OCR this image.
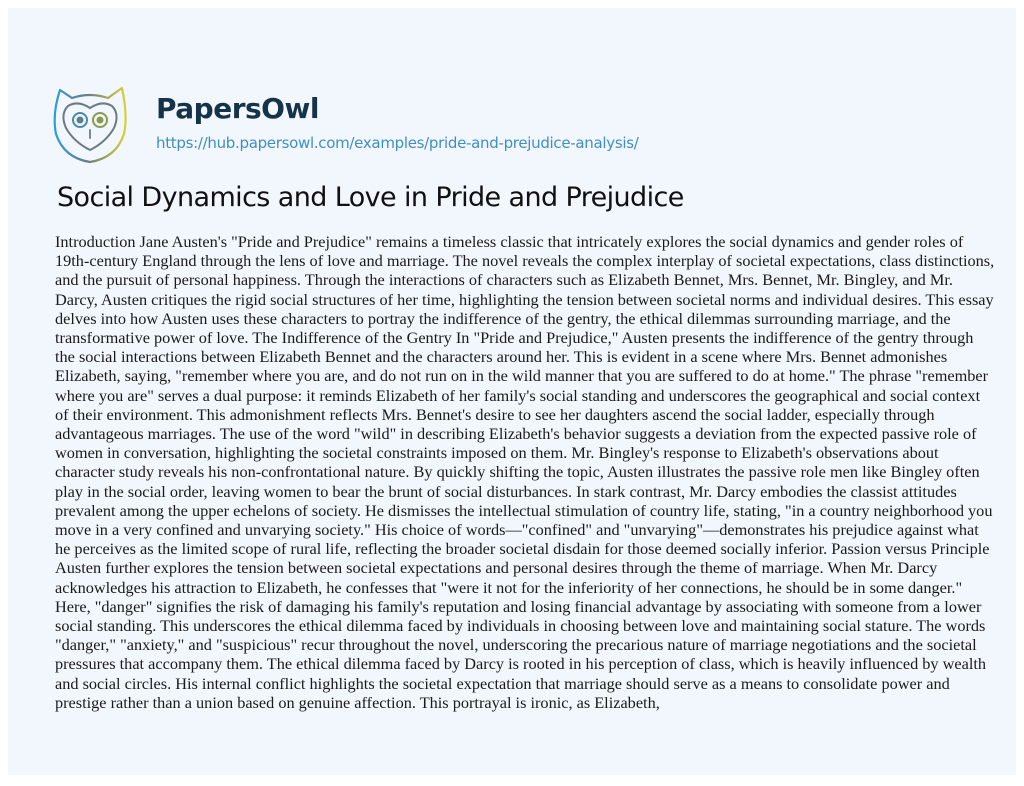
PapersOwl
https://hub.papersowl.com/examples/pride-and-prejudice-analysis/
Social Dynamics and Love in Pride and Prejudice

Introduction Jane Austen's "Pride and Prejudice" remains a timeless classic that intricately explores the social dynamics and gender roles of 19th-century England through the lens of love and marriage. The novel reveals the complex interplay of societal expectations, class distinctions, and the pursuit of personal happiness. Through the interactions of characters such as Elizabeth Bennet, Mrs. Bennet, Mr. Bingley, and Mr. Darcy, Austen critiques the rigid social structures of her time, highlighting the tension between societal norms and individual desires. This essay delves into how Austen uses these characters to portray the indifference of the gentry, the ethical dilemmas surrounding marriage, and the transformative power of love. The Indifference of the Gentry In "Pride and Prejudice," Austen presents the indifference of the gentry through the social interactions between Elizabeth Bennet and the characters around her. This is evident in a scene where Mrs. Bennet admonishes Elizabeth, saying, "remember where you are, and do not run on in the wild manner that you are suffered to do at home." The phrase "remember where you are" serves a dual purpose: it reminds Elizabeth of her family's social standing and underscores the geographical and social context of their environment. This admonishment reflects Mrs. Bennet's desire to see her daughters ascend the social ladder, especially through advantageous marriages. The use of the word "wild" in describing Elizabeth's behavior suggests a deviation from the expected passive role of women in conversation, highlighting the societal constraints imposed on them. Mr. Bingley's response to Elizabeth's observations about character study reveals his non-confrontational nature. By quickly shifting the topic, Austen illustrates the passive role men like Bingley often play in the social order, leaving women to bear the brunt of social disturbances. In stark contrast, Mr. Darcy embodies the classist attitudes prevalent among the upper echelons of society. He dismisses the intellectual stimulation of country life, stating, "in a country neighborhood you move in a very confined and unvarying society." His choice of words—"confined" and "unvarying"—demonstrates his prejudice against what he perceives as the limited scope of rural life, reflecting the broader societal disdain for those deemed socially inferior. Passion versus Principle Austen further explores the tension between societal expectations and personal desires through the theme of marriage. When Mr. Darcy acknowledges his attraction to Elizabeth, he confesses that "were it not for the inferiority of her connections, he should be in some danger." Here, "danger" signifies the risk of damaging his family's reputation and losing financial advantage by associating with someone from a lower social standing. This underscores the ethical dilemma faced by individuals in choosing between love and maintaining social stature. The words "danger," "anxiety," and "suspicious" recur throughout the novel, underscoring the precarious nature of marriage negotiations and the societal pressures that accompany them. The ethical dilemma faced by Darcy is rooted in his perception of class, which is heavily influenced by wealth and social circles. His internal conflict highlights the societal expectation that marriage should serve as a means to consolidate power and prestige rather than a union based on genuine affection. This portrayal is ironic, as Elizabeth,
